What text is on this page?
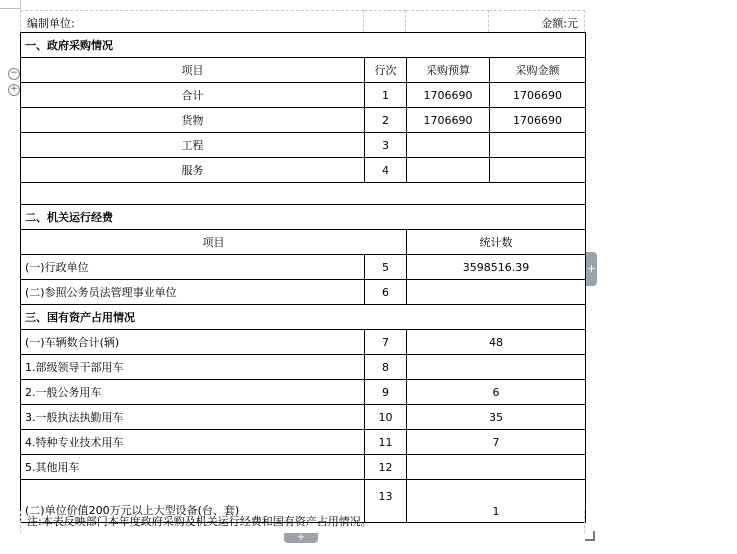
编制单位:	金额:元
−
+
一、政府采购情况			
项目	行次	采购预算	采购金额
合计	1	1706690	1706690
货物	2	1706690	1706690
工程	3		
服务	4		

二、机关运行经费			
项目		统计数	
(一)行政单位	5	3598516.39	
(二)参照公务员法管理事业单位	6		
三、国有资产占用情况			
(一)车辆数合计(辆)	7	48	
1.部级领导干部用车	8		
2.一般公务用车	9	6	
3.一般执法执勤用车	10	35	
4.特种专业技术用车	11	7	
5.其他用车	12		
(二)单位价值200万元以上大型设备(台、套)	13	1	
注:本表反映部门本年度政府采购及机关运行经费和国有资产占用情况。
+
+
